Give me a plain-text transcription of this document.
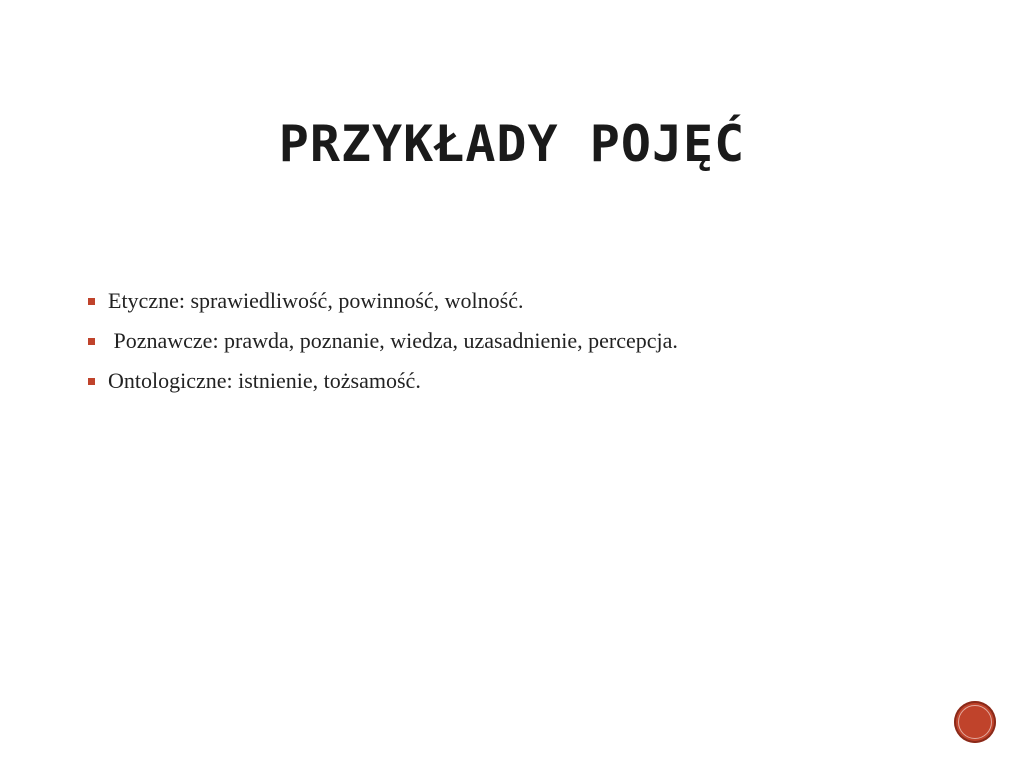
PRZYKŁADY POJĘĆ
Etyczne: sprawiedliwość, powinność, wolność.
Poznawcze: prawda, poznanie, wiedza, uzasadnienie, percepcja.
Ontologiczne: istnienie, tożsamość.
